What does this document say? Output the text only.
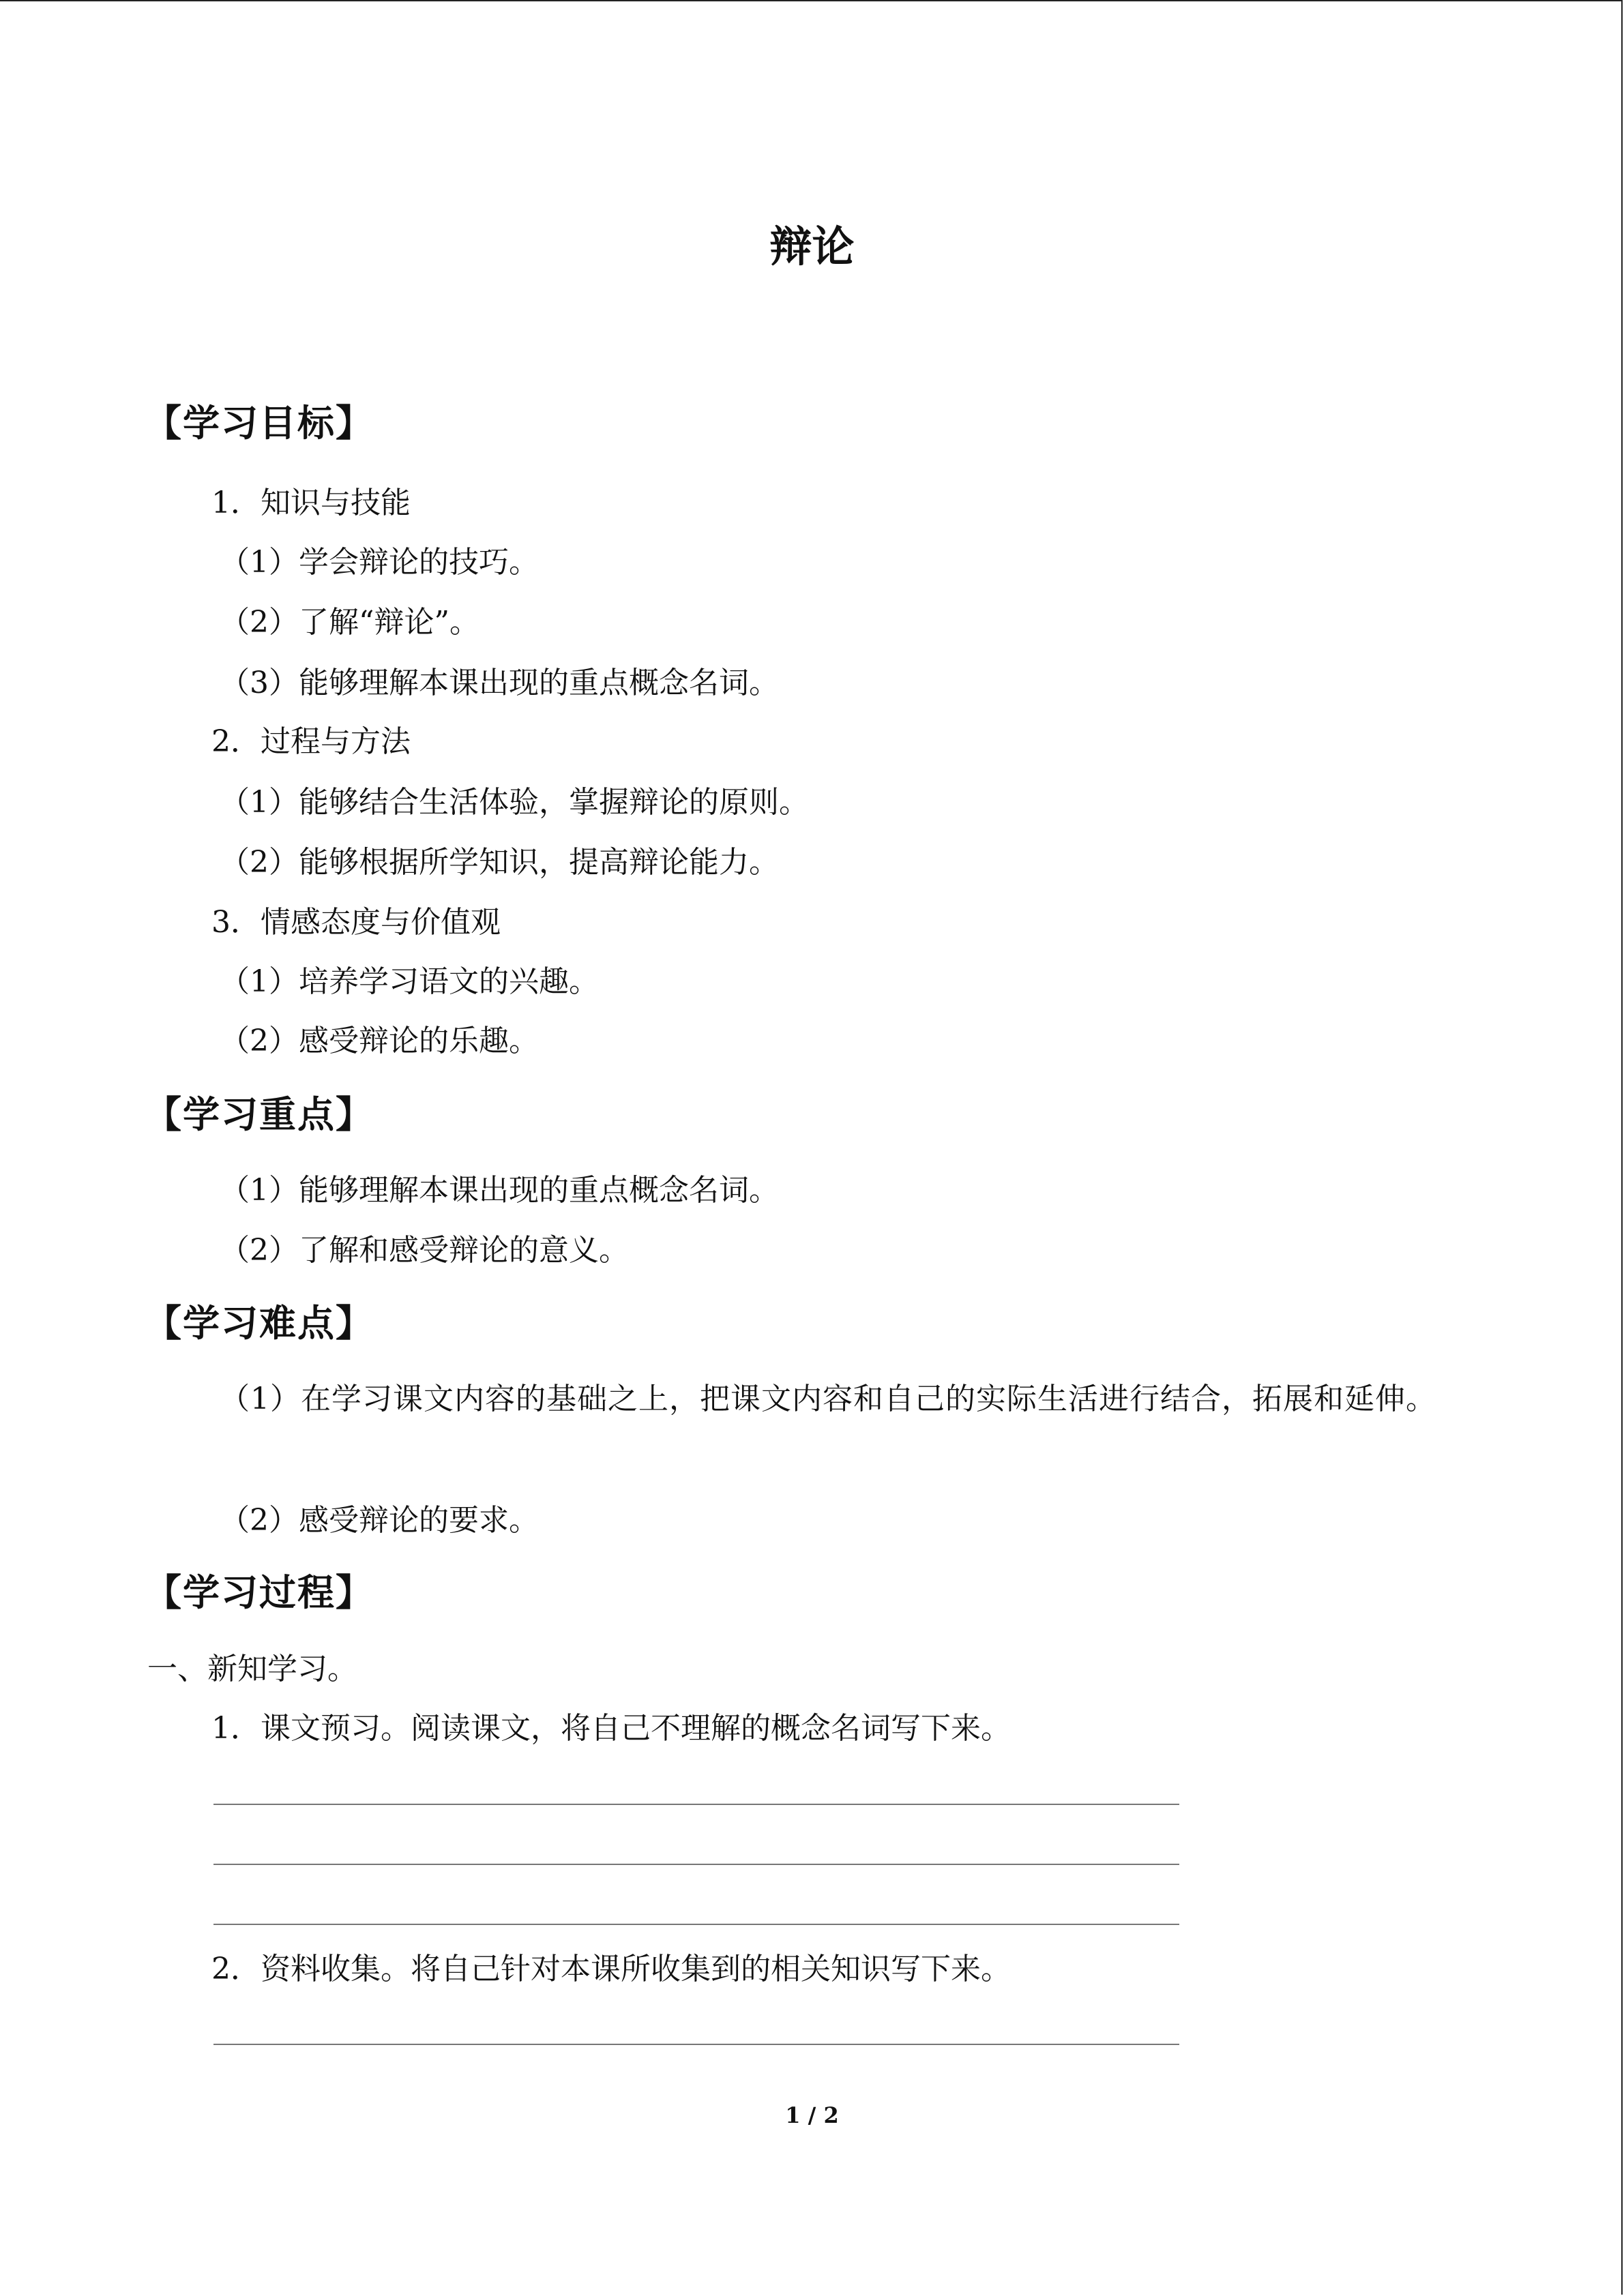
辩论
【学习目标】
1．知识与技能
（1）学会辩论的技巧。
（2）了解“辩论”。
（3）能够理解本课出现的重点概念名词。
2．过程与方法
（1）能够结合生活体验，掌握辩论的原则。
（2）能够根据所学知识，提高辩论能力。
3．情感态度与价值观
（1）培养学习语文的兴趣。
（2）感受辩论的乐趣。
【学习重点】
（1）能够理解本课出现的重点概念名词。
（2）了解和感受辩论的意义。
【学习难点】
（1）在学习课文内容的基础之上，把课文内容和自己的实际生活进行结合，拓展和延伸。
（2）感受辩论的要求。
【学习过程】
一、新知学习。
1．课文预习。阅读课文，将自己不理解的概念名词写下来。
2．资料收集。将自己针对本课所收集到的相关知识写下来。
1 / 2
